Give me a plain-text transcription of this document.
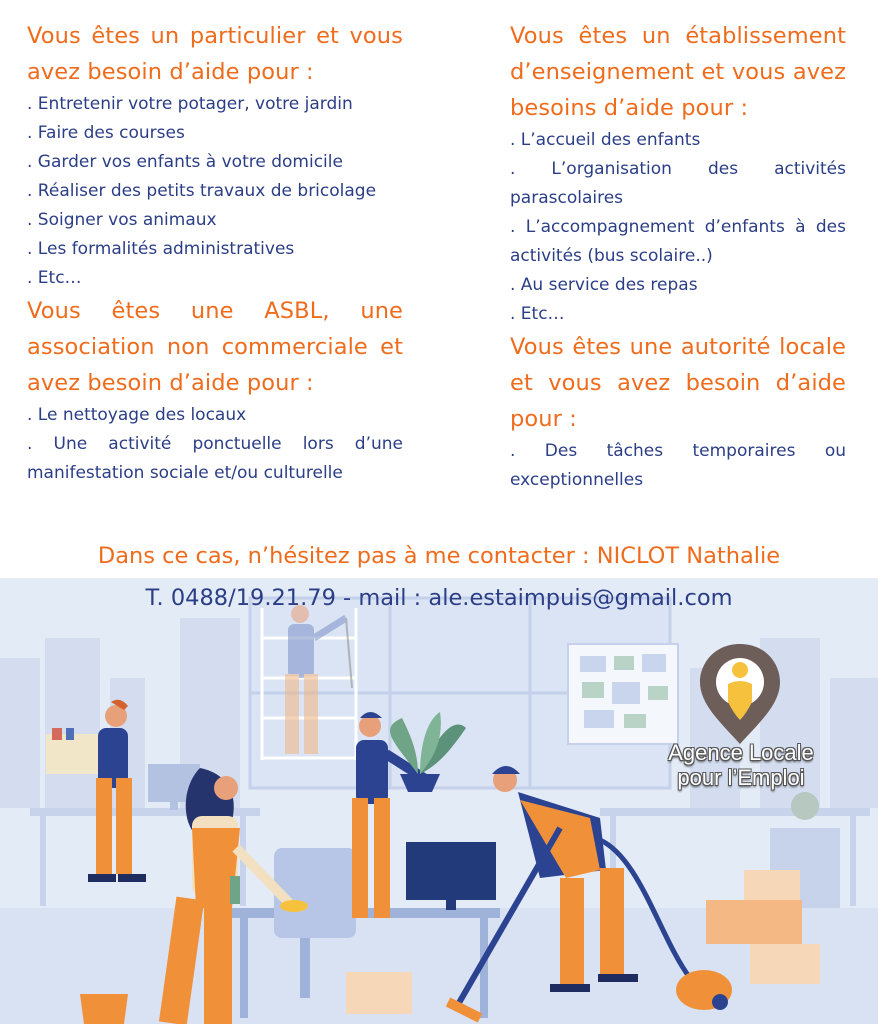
Vous êtes un particulier et vous avez besoin d’aide pour :

. Entretenir votre potager, votre jardin
. Faire des courses
. Garder vos enfants à votre domicile
. Réaliser des petits travaux de bricolage
. Soigner vos animaux
. Les formalités administratives
. Etc…

Vous êtes une ASBL, une association non commerciale et avez besoin d’aide pour :

. Le nettoyage des locaux
. Une activité ponctuelle lors d’une manifestation sociale et/ou culturelle

Vous êtes un établissement d’enseignement et vous avez besoins d’aide pour :

. L’accueil des enfants
. L’organisation des activités parascolaires
. L’accompagnement d’enfants à des activités (bus scolaire..)
. Au service des repas
. Etc…

Vous êtes une autorité locale et vous avez besoin d’aide pour :

. Des tâches temporaires ou exceptionnelles
Dans ce cas, n’hésitez pas à me contacter : NICLOT Nathalie
Agence Locale
pour l’Emploi
T. 0488/19.21.79 - mail : ale.estaimpuis@gmail.com
